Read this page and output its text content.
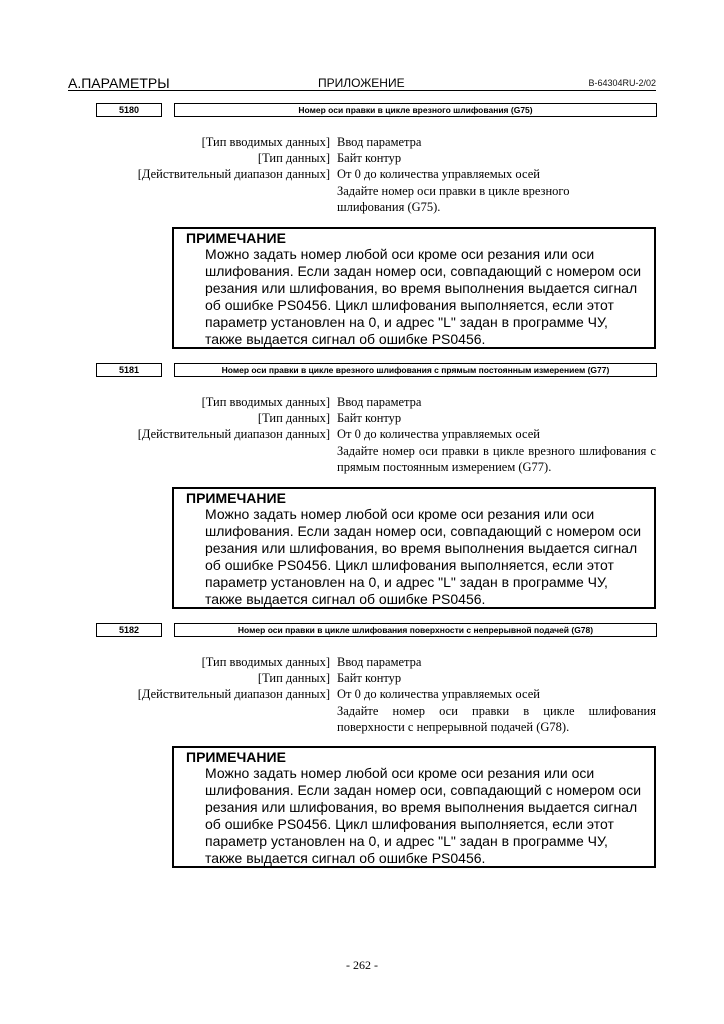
A.ПАРАМЕТРЫ	ПРИЛОЖЕНИЕ	B-64304RU-2/02
5180	Номер оси правки в цикле врезного шлифования (G75)
[Тип вводимых данных] Ввод параметра
[Тип данных] Байт контур
[Действительный диапазон данных] От 0 до количества управляемых осей
Задайте номер оси правки в цикле врезного шлифования (G75).
ПРИМЕЧАНИЕ
Можно задать номер любой оси кроме оси резания или оси шлифования. Если задан номер оси, совпадающий с номером оси резания или шлифования, во время выполнения выдается сигнал об ошибке PS0456. Цикл шлифования выполняется, если этот параметр установлен на 0, и адрес "L" задан в программе ЧУ, также выдается сигнал об ошибке PS0456.
5181	Номер оси правки в цикле врезного шлифования с прямым постоянным измерением (G77)
[Тип вводимых данных] Ввод параметра
[Тип данных] Байт контур
[Действительный диапазон данных] От 0 до количества управляемых осей
Задайте номер оси правки в цикле врезного шлифования с прямым постоянным измерением (G77).
ПРИМЕЧАНИЕ
Можно задать номер любой оси кроме оси резания или оси шлифования. Если задан номер оси, совпадающий с номером оси резания или шлифования, во время выполнения выдается сигнал об ошибке PS0456. Цикл шлифования выполняется, если этот параметр установлен на 0, и адрес "L" задан в программе ЧУ, также выдается сигнал об ошибке PS0456.
5182	Номер оси правки в цикле шлифования поверхности с непрерывной подачей (G78)
[Тип вводимых данных] Ввод параметра
[Тип данных] Байт контур
[Действительный диапазон данных] От 0 до количества управляемых осей
Задайте номер оси правки в цикле шлифования поверхности с непрерывной подачей (G78).
ПРИМЕЧАНИЕ
Можно задать номер любой оси кроме оси резания или оси шлифования. Если задан номер оси, совпадающий с номером оси резания или шлифования, во время выполнения выдается сигнал об ошибке PS0456. Цикл шлифования выполняется, если этот параметр установлен на 0, и адрес "L" задан в программе ЧУ, также выдается сигнал об ошибке PS0456.
- 262 -
